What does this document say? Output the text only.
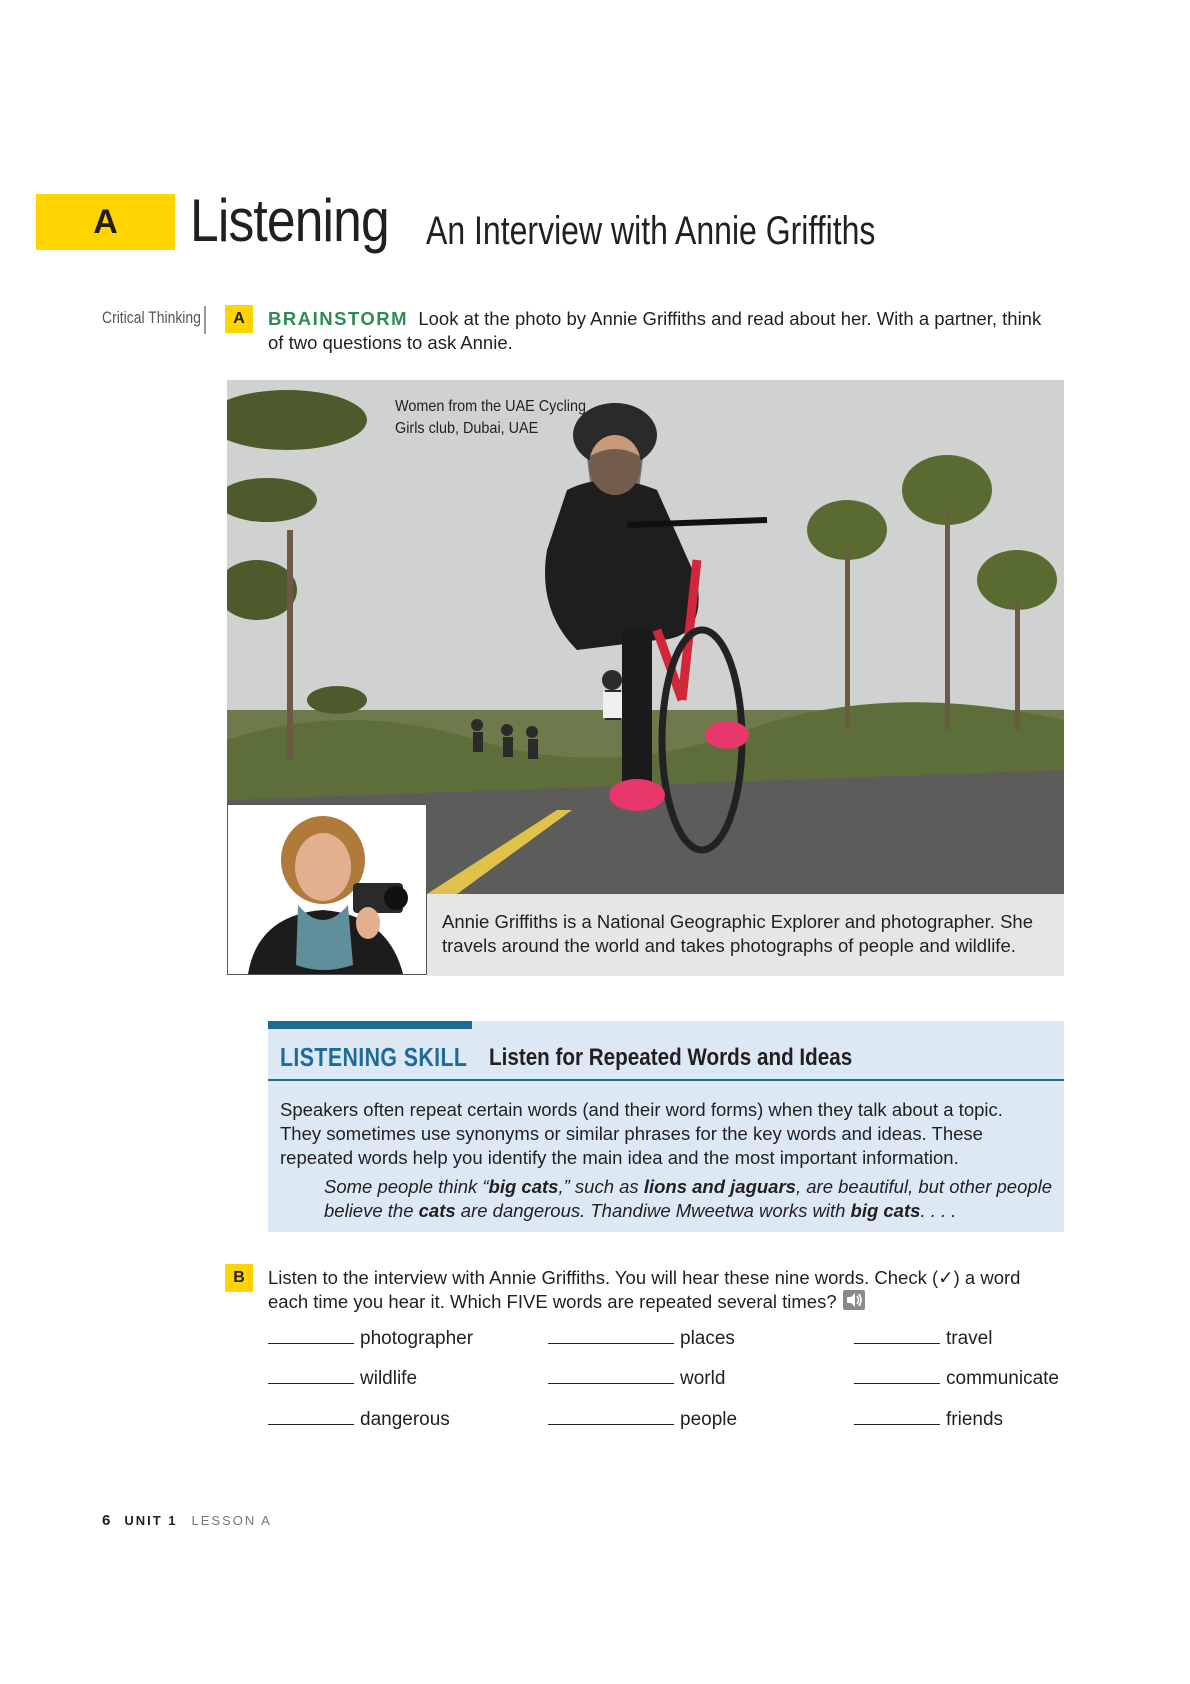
A	Listening An Interview with Annie Griffiths
Critical Thinking	A	BRAINSTORM Look at the photo by Annie Griffiths and read about her. With a partner, think
of two questions to ask Annie.
Women from the UAE Cycling
Girls club, Dubai, UAE
Annie Griffiths is a National Geographic Explorer and photographer. She
travels around the world and takes photographs of people and wildlife.
LISTENING SKILL Listen for Repeated Words and Ideas
Speakers often repeat certain words (and their word forms) when they talk about a topic.
They sometimes use synonyms or similar phrases for the key words and ideas. These
repeated words help you identify the main idea and the most important information.
Some people think “big cats,” such as lions and jaguars, are beautiful, but other people
believe the cats are dangerous. Thandiwe Mweetwa works with big cats. . . .
B	Listen to the interview with Annie Griffiths. You will hear these nine words. Check (✓) a word
each time you hear it. Which FIVE words are repeated several times?
photographer	places	travel
wildlife	world	communicate
dangerous	people	friends
6 UNIT 1 LESSON A
